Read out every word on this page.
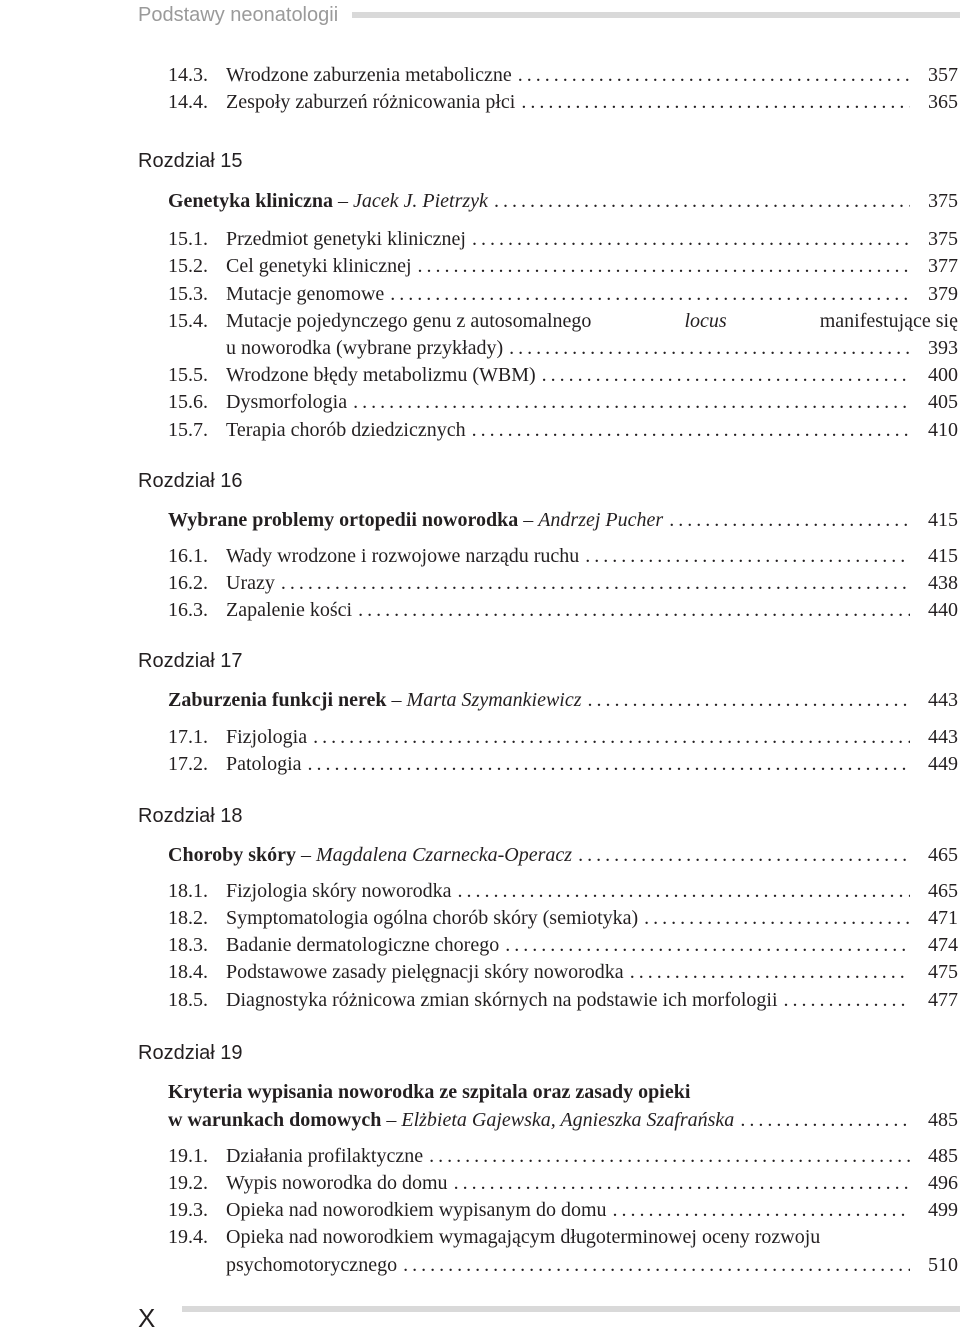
Podstawy neonatologii
14.3. Wrodzone zaburzenia metaboliczne . . .	357
14.4. Zespoły zaburzeń różnicowania płci . . .	365
Rozdział 15
Genetyka kliniczna – Jacek J. Pietrzyk . . .	375
15.1. Przedmiot genetyki klinicznej . . .	375
15.2. Cel genetyki klinicznej . . .	377
15.3. Mutacje genomowe . . .	379
15.4. Mutacje pojedynczego genu z autosomalnego	locus	manifestujące się
u noworodka (wybrane przykłady) . . .	393
15.5. Wrodzone błędy metabolizmu (WBM) . . .	400
15.6. Dysmorfologia . . .	405
15.7. Terapia chorób dziedzicznych . . .	410
Rozdział 16
Wybrane problemy ortopedii noworodka – Andrzej Pucher . . .	415
16.1. Wady wrodzone i rozwojowe narządu ruchu . . .	415
16.2. Urazy . . .	438
16.3. Zapalenie kości . . .	440
Rozdział 17
Zaburzenia funkcji nerek – Marta Szymankiewicz . . .	443
17.1. Fizjologia . . .	443
17.2. Patologia . . .	449
Rozdział 18
Choroby skóry – Magdalena Czarnecka-Operacz . . .	465
18.1. Fizjologia skóry noworodka . . .	465
18.2. Symptomatologia ogólna chorób skóry (semiotyka) . . .	471
18.3. Badanie dermatologiczne chorego . . .	474
18.4. Podstawowe zasady pielęgnacji skóry noworodka . . .	475
18.5. Diagnostyka różnicowa zmian skórnych na podstawie ich morfologii . . .	477
Rozdział 19
Kryteria wypisania noworodka ze szpitala oraz zasady opieki
w warunkach domowych – Elżbieta Gajewska, Agnieszka Szafrańska . . .	485
19.1. Działania profilaktyczne . . .	485
19.2. Wypis noworodka do domu . . .	496
19.3. Opieka nad noworodkiem wypisanym do domu . . .	499
19.4. Opieka nad noworodkiem wymagającym długoterminowej oceny rozwoju
psychomotorycznego . . .	510
X
